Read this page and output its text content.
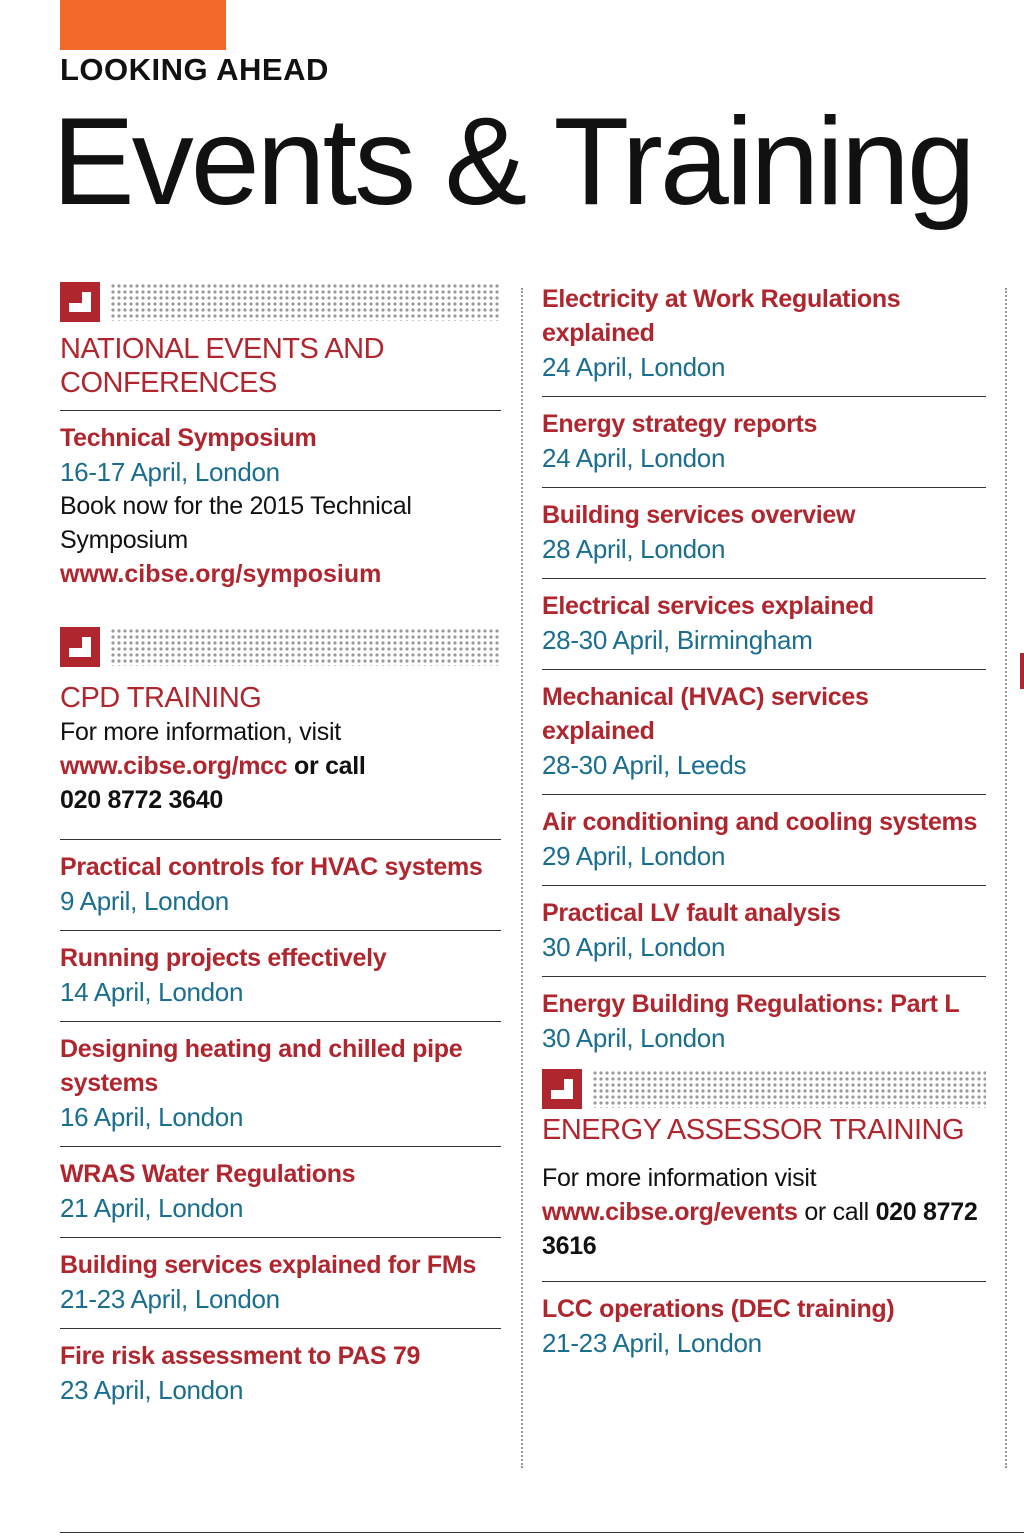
LOOKING AHEAD
Events & Training
NATIONAL EVENTS AND CONFERENCES
Technical Symposium
16-17 April, London
Book now for the 2015 Technical Symposium
www.cibse.org/symposium
CPD TRAINING
For more information, visit
www.cibse.org/mcc or call
020 8772 3640
Practical controls for HVAC systems
9 April, London
Running projects effectively
14 April, London
Designing heating and chilled pipe systems
16 April, London
WRAS Water Regulations
21 April, London
Building services explained for FMs
21-23 April, London
Fire risk assessment to PAS 79
23 April, London
Electricity at Work Regulations explained
24 April, London
Energy strategy reports
24 April, London
Building services overview
28 April, London
Electrical services explained
28-30 April, Birmingham
Mechanical (HVAC) services explained
28-30 April, Leeds
Air conditioning and cooling systems
29 April, London
Practical LV fault analysis
30 April, London
Energy Building Regulations: Part L
30 April, London
ENERGY ASSESSOR TRAINING
For more information visit www.cibse.org/events or call 020 8772 3616
LCC operations (DEC training)
21-23 April, London
